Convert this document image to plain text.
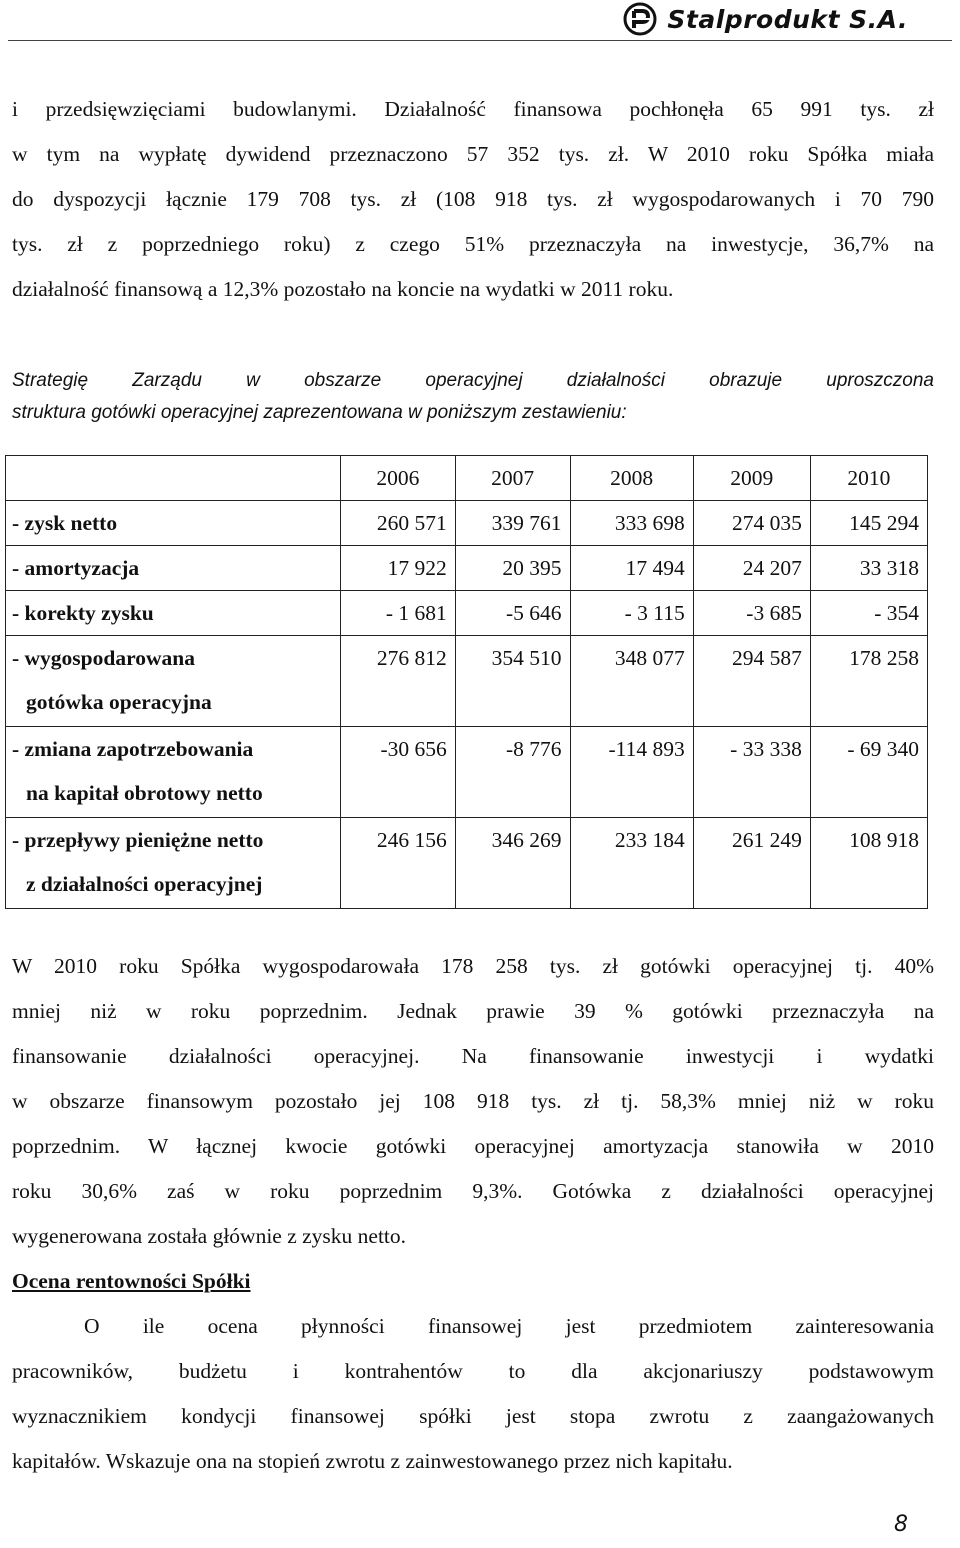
Stalprodukt S.A.
i przedsięwzięciami budowlanymi. Działalność finansowa pochłonęła 65 991 tys. zł
w tym na wypłatę dywidend przeznaczono 57 352 tys. zł. W 2010 roku Spółka miała
do dyspozycji łącznie 179 708 tys. zł (108 918 tys. zł wygospodarowanych i 70 790
tys. zł z poprzedniego roku) z czego 51% przeznaczyła na inwestycje, 36,7% na
działalność finansową a 12,3% pozostało na koncie na wydatki w 2011 roku.
Strategię Zarządu w obszarze operacyjnej działalności obrazuje uproszczona
struktura gotówki operacyjnej zaprezentowana w poniższym zestawieniu:
	2006	2007	2008	2009	2010
- zysk netto	260 571	339 761	333 698	274 035	145 294
- amortyzacja	17 922	20 395	17 494	24 207	33 318
- korekty zysku	- 1 681	-5 646	- 3 115	-3 685	- 354
- wygospodarowana
gotówka operacyjna	276 812	354 510	348 077	294 587	178 258
- zmiana zapotrzebowania
na kapitał obrotowy netto	-30 656	-8 776	-114 893	- 33 338	- 69 340
- przepływy pieniężne netto
z działalności operacyjnej	246 156	346 269	233 184	261 249	108 918
W 2010 roku Spółka wygospodarowała 178 258 tys. zł gotówki operacyjnej tj. 40%
mniej niż w roku poprzednim. Jednak prawie 39 % gotówki przeznaczyła na
finansowanie działalności operacyjnej. Na finansowanie inwestycji i wydatki
w obszarze finansowym pozostało jej 108 918 tys. zł tj. 58,3% mniej niż w roku
poprzednim. W łącznej kwocie gotówki operacyjnej amortyzacja stanowiła w 2010
roku 30,6% zaś w roku poprzednim 9,3%. Gotówka z działalności operacyjnej
wygenerowana została głównie z zysku netto.
Ocena rentowności Spółki
O ile ocena płynności finansowej jest przedmiotem zainteresowania
pracowników, budżetu i kontrahentów to dla akcjonariuszy podstawowym
wyznacznikiem kondycji finansowej spółki jest stopa zwrotu z zaangażowanych
kapitałów. Wskazuje ona na stopień zwrotu z zainwestowanego przez nich kapitału.
8
